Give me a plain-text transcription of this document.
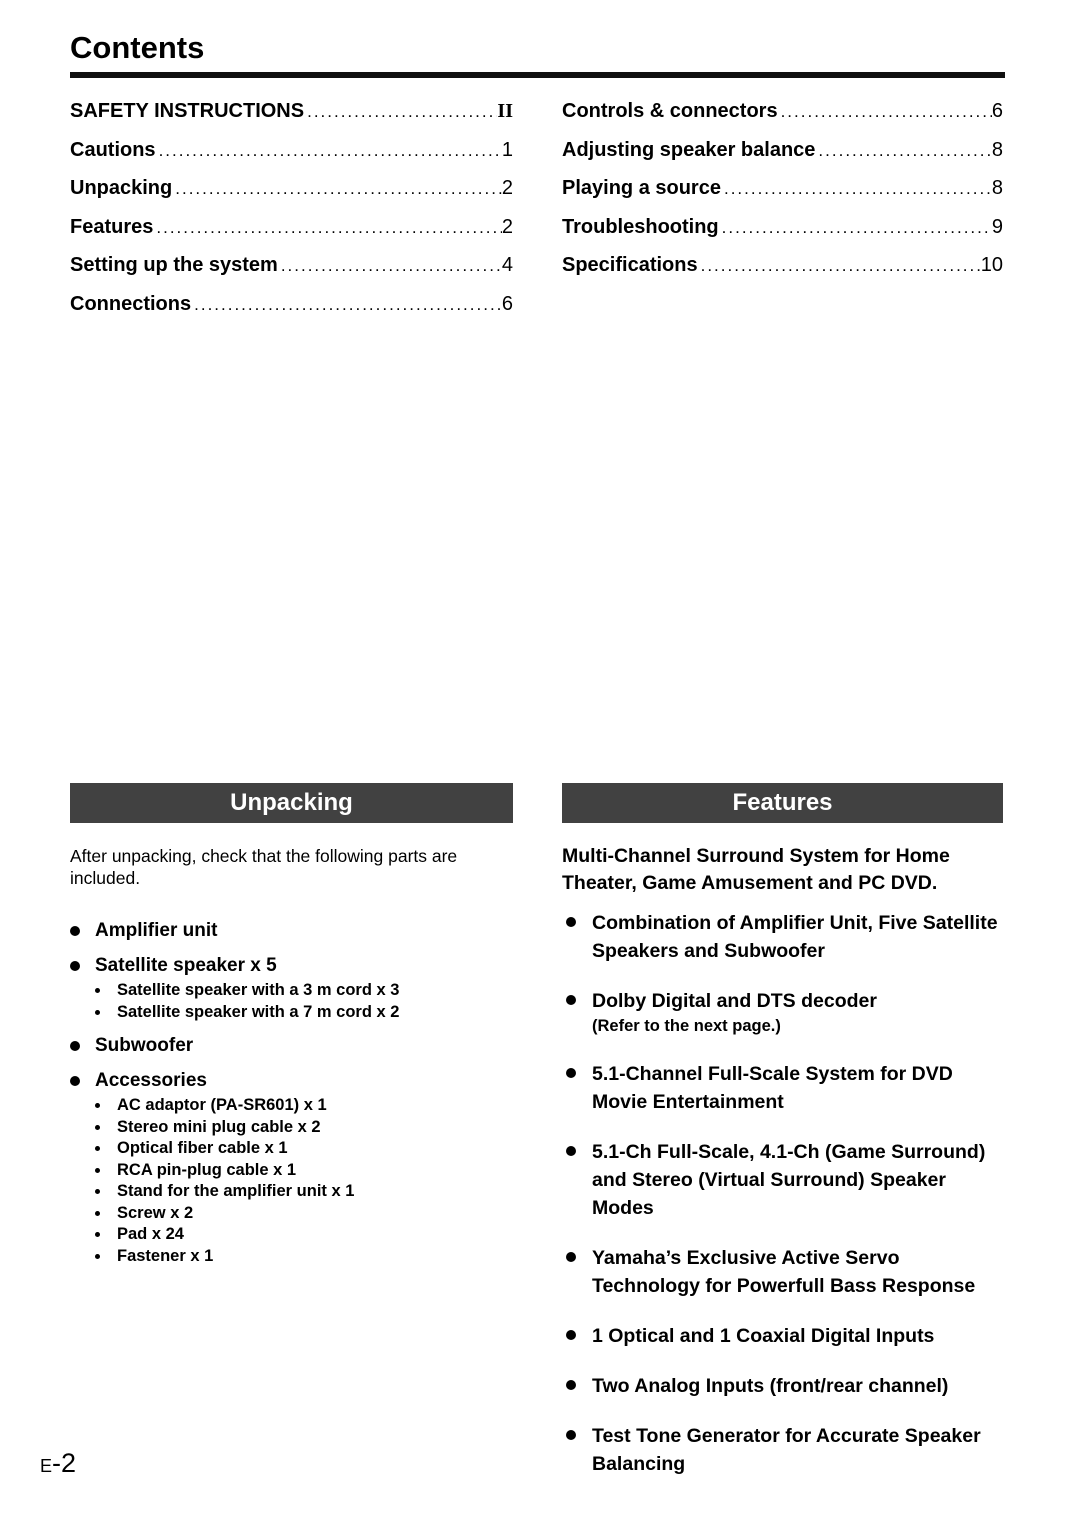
Contents
SAFETY INSTRUCTIONS .....	II
Cautions .....	1
Unpacking .....	2
Features .....	2
Setting up the system .....	4
Connections .....	6
Controls & connectors .....	6
Adjusting speaker balance .....	8
Playing a source .....	8
Troubleshooting .....	9
Specifications .....	10
Unpacking

After unpacking, check that the following parts are included.

Amplifier unit
Satellite speaker x 5
Satellite speaker with a 3 m cord x 3
Satellite speaker with a 7 m cord x 2
Subwoofer
Accessories
AC adaptor (PA-SR601) x 1
Stereo mini plug cable x 2
Optical fiber cable x 1
RCA pin-plug cable x 1
Stand for the amplifier unit x 1
Screw x 2
Pad x 24
Fastener x 1
Features

Multi-Channel Surround System for Home Theater, Game Amusement and PC DVD.

Combination of Amplifier Unit, Five Satellite Speakers and Subwoofer
Dolby Digital and DTS decoder
(Refer to the next page.)
5.1-Channel Full-Scale System for DVD Movie Entertainment
5.1-Ch Full-Scale, 4.1-Ch (Game Surround) and Stereo (Virtual Surround) Speaker Modes
Yamaha’s Exclusive Active Servo Technology for Powerfull Bass Response
1 Optical and 1 Coaxial Digital Inputs
Two Analog Inputs (front/rear channel)
Test Tone Generator for Accurate Speaker Balancing
E-2
